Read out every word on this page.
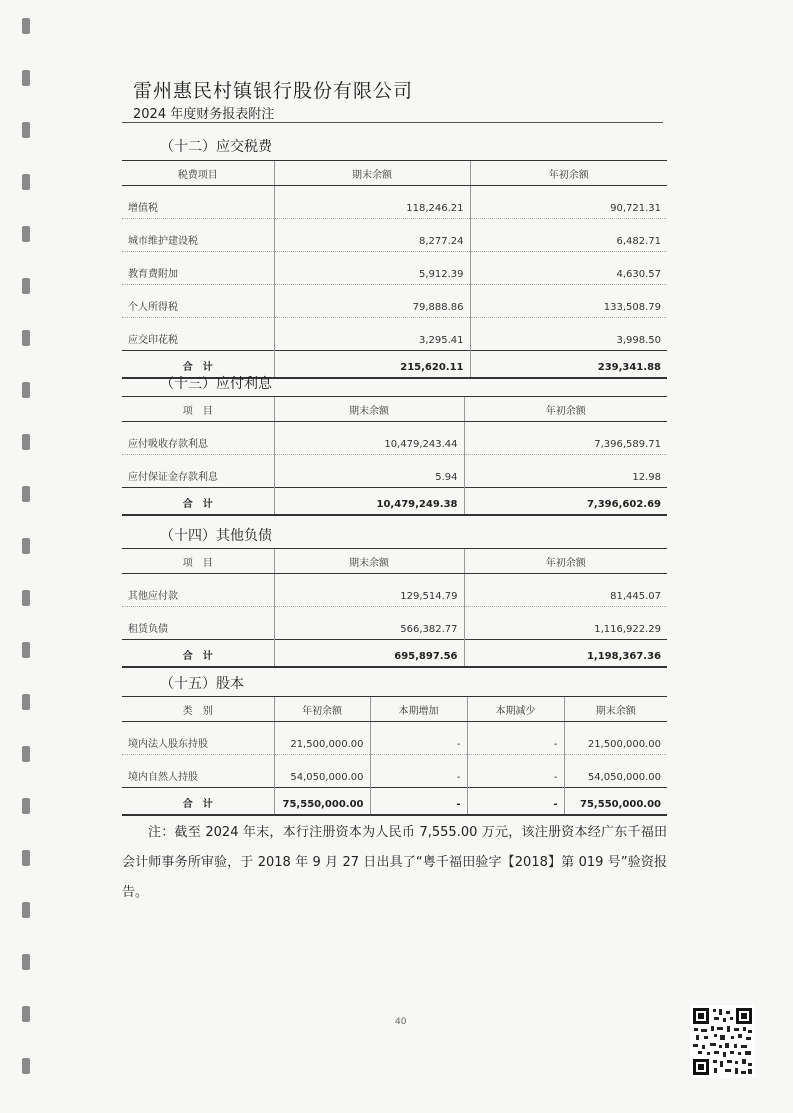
雷州惠民村镇银行股份有限公司
2024 年度财务报表附注
（十二）应交税费
税费项目	期末余额	年初余额
增值税	118,246.21	90,721.31
城市维护建设税	8,277.24	6,482.71
教育费附加	5,912.39	4,630.57
个人所得税	79,888.86	133,508.79
应交印花税	3,295.41	3,998.50
合　计	215,620.11	239,341.88
（十三）应付利息
项　目	期末余额	年初余额
应付吸收存款利息	10,479,243.44	7,396,589.71
应付保证金存款利息	5.94	12.98
合　计	10,479,249.38	7,396,602.69
（十四）其他负债
项　目	期末余额	年初余额
其他应付款	129,514.79	81,445.07
租赁负债	566,382.77	1,116,922.29
合　计	695,897.56	1,198,367.36
（十五）股本
类　别	年初余额	本期增加	本期减少	期末余额
境内法人股东持股	21,500,000.00	-	-	21,500,000.00
境内自然人持股	54,050,000.00	-	-	54,050,000.00
合　计	75,550,000.00	-	-	75,550,000.00
注：截至 2024 年末，本行注册资本为人民币 7,555.00 万元，该注册资本经广东千福田会计师事务所审验，于 2018 年 9 月 27 日出具了“粤千福田验字【2018】第 019 号”验资报告。
40
